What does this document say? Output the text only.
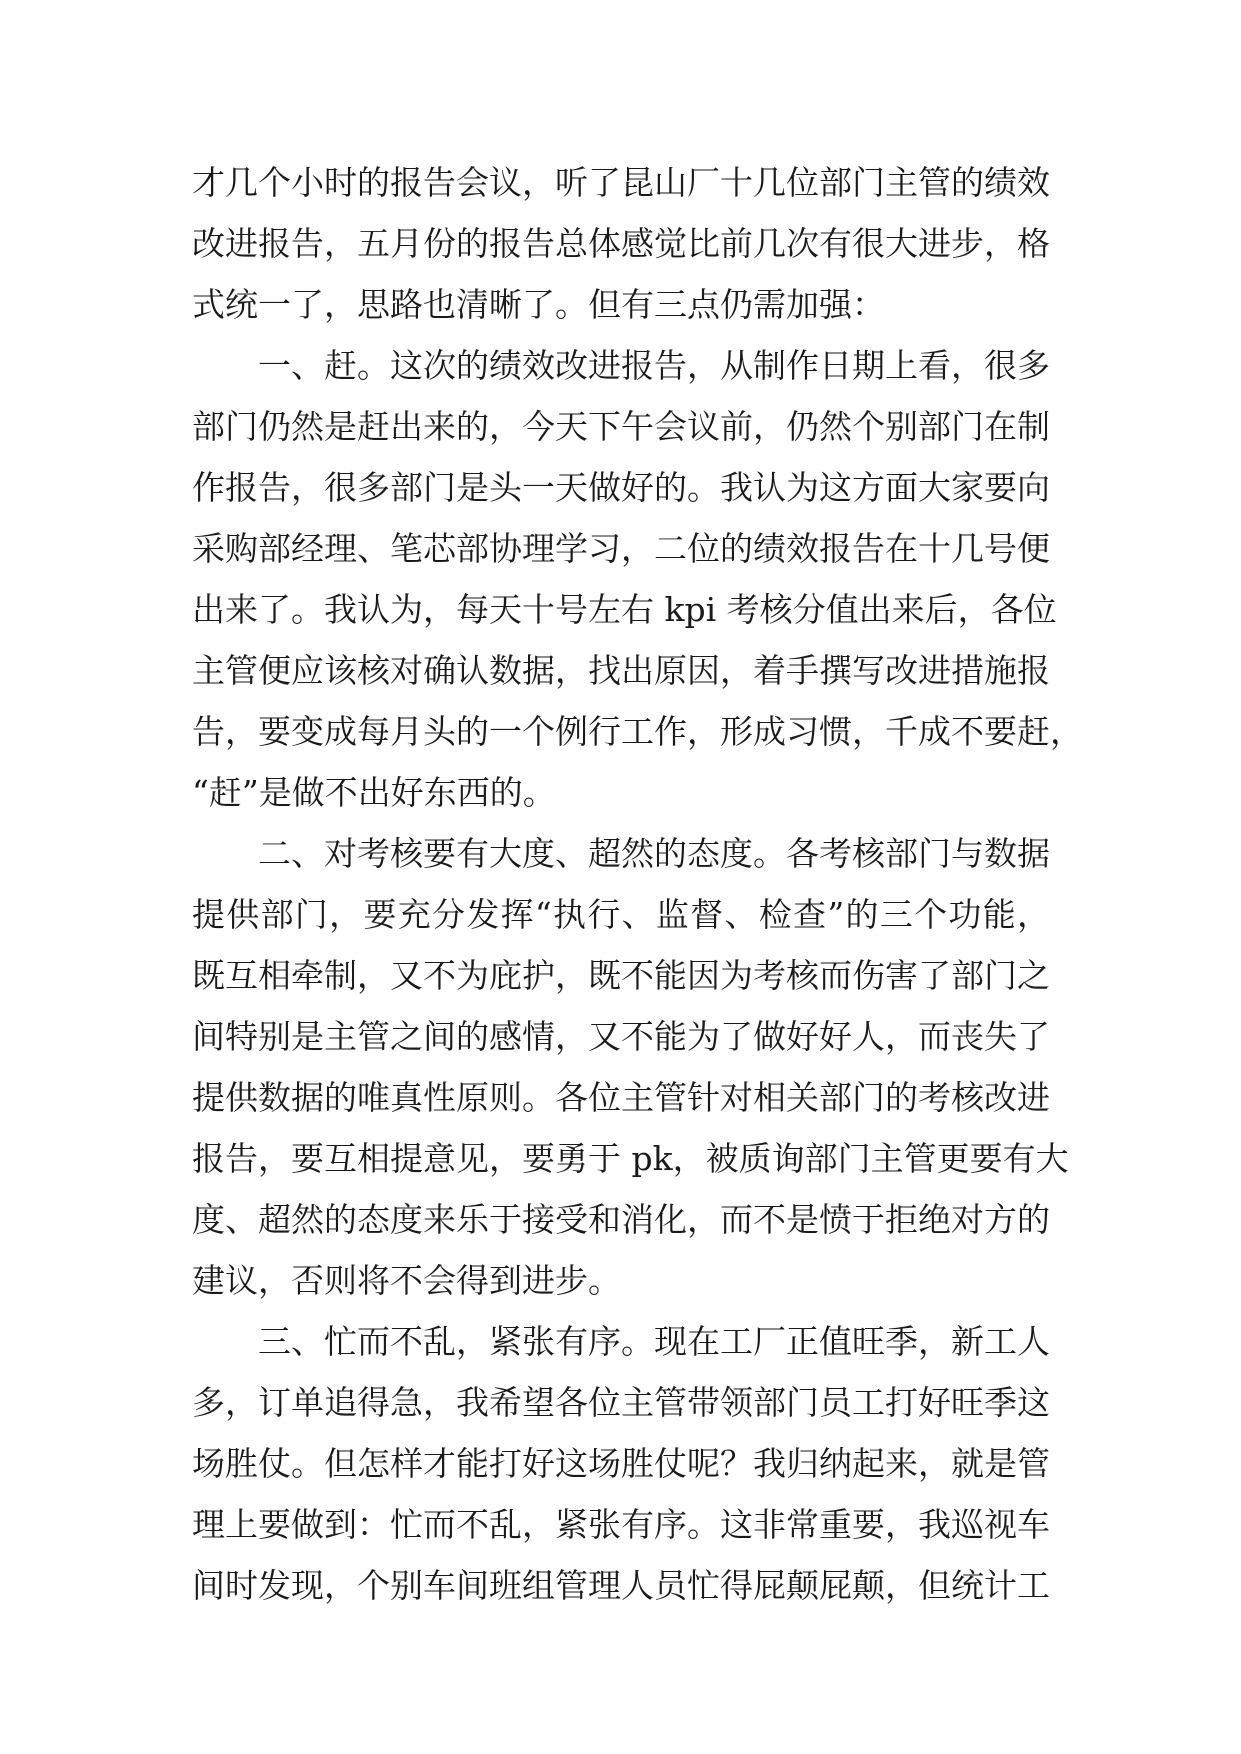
才几个小时的报告会议，听了昆山厂十几位部门主管的绩效
改进报告，五月份的报告总体感觉比前几次有很大进步，格
式统一了，思路也清晰了。但有三点仍需加强：
一、赶。这次的绩效改进报告，从制作日期上看，很多
部门仍然是赶出来的，今天下午会议前，仍然个别部门在制
作报告，很多部门是头一天做好的。我认为这方面大家要向
采购部经理、笔芯部协理学习，二位的绩效报告在十几号便
出来了。我认为，每天十号左右 kpi 考核分值出来后，各位
主管便应该核对确认数据，找出原因，着手撰写改进措施报
告，要变成每月头的一个例行工作，形成习惯，千成不要赶，
“赶”是做不出好东西的。
二、对考核要有大度、超然的态度。各考核部门与数据
提供部门，要充分发挥“执行、监督、检查”的三个功能，
既互相牵制，又不为庇护，既不能因为考核而伤害了部门之
间特别是主管之间的感情，又不能为了做好好人，而丧失了
提供数据的唯真性原则。各位主管针对相关部门的考核改进
报告，要互相提意见，要勇于 pk，被质询部门主管更要有大
度、超然的态度来乐于接受和消化，而不是愤于拒绝对方的
建议，否则将不会得到进步。
三、忙而不乱，紧张有序。现在工厂正值旺季，新工人
多，订单追得急，我希望各位主管带领部门员工打好旺季这
场胜仗。但怎样才能打好这场胜仗呢？我归纳起来，就是管
理上要做到：忙而不乱，紧张有序。这非常重要，我巡视车
间时发现，个别车间班组管理人员忙得屁颠屁颠，但统计工
